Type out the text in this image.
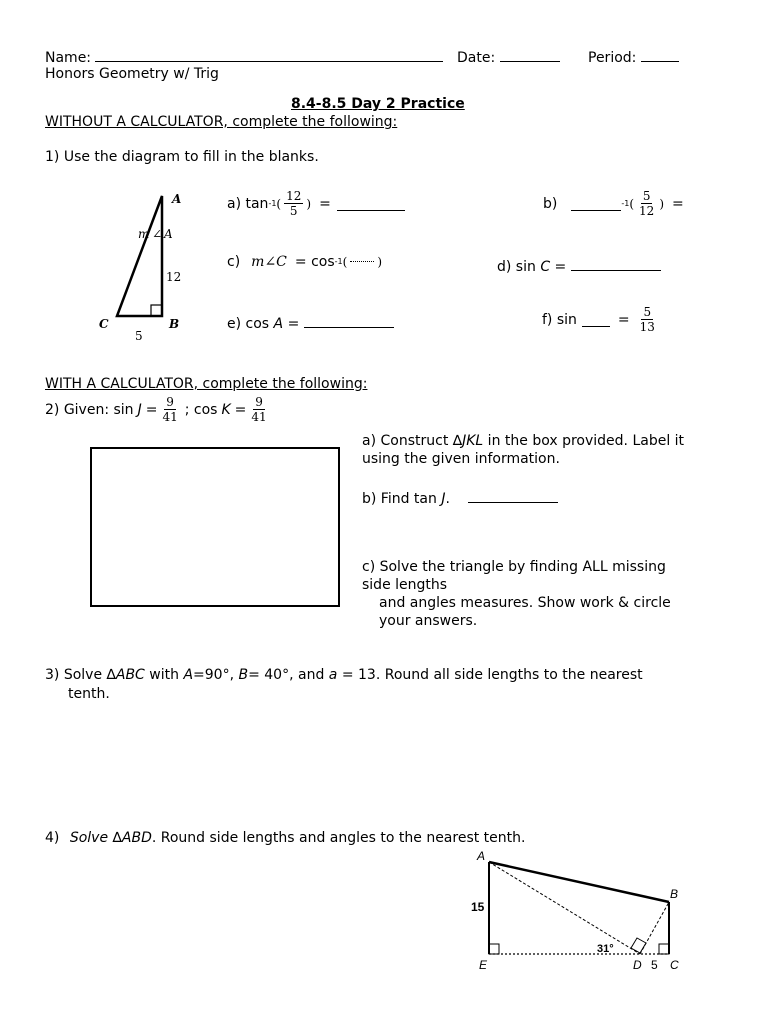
Name:	Date:	Period:
Honors Geometry w/ Trig
8.4-8.5 Day 2 Practice
WITHOUT A CALCULATOR, complete the following:
1) Use the diagram to fill in the blanks.
A
m ∠ A
12
C	B
5
a) tan -1 ( $\frac{12}{5}$ ) =	b)	-1 ( $\frac{5}{12}$ ) =
c) m ∠C = cos -1 (	)	d) sin C =
e) cos A =	f) sin	= $\frac{5}{13}$
WITH A CALCULATOR, complete the following:
2) Given: $\sin J = \frac{9}{41}$ ; $\cos K = \frac{9}{41}$
a) Construct ∆JKL in the box provided. Label it
using the given information.
b) Find tan J.
c) Solve the triangle by finding ALL missing
side lengths
and angles measures. Show work & circle
your answers.
3) Solve ∆ABC with A=90°, B= 40°, and a = 13. Round all side lengths to the nearest
tenth.
4) Solve ∆ABD. Round side lengths and angles to the nearest tenth.
A
B
C
D
E
15
5
31°
